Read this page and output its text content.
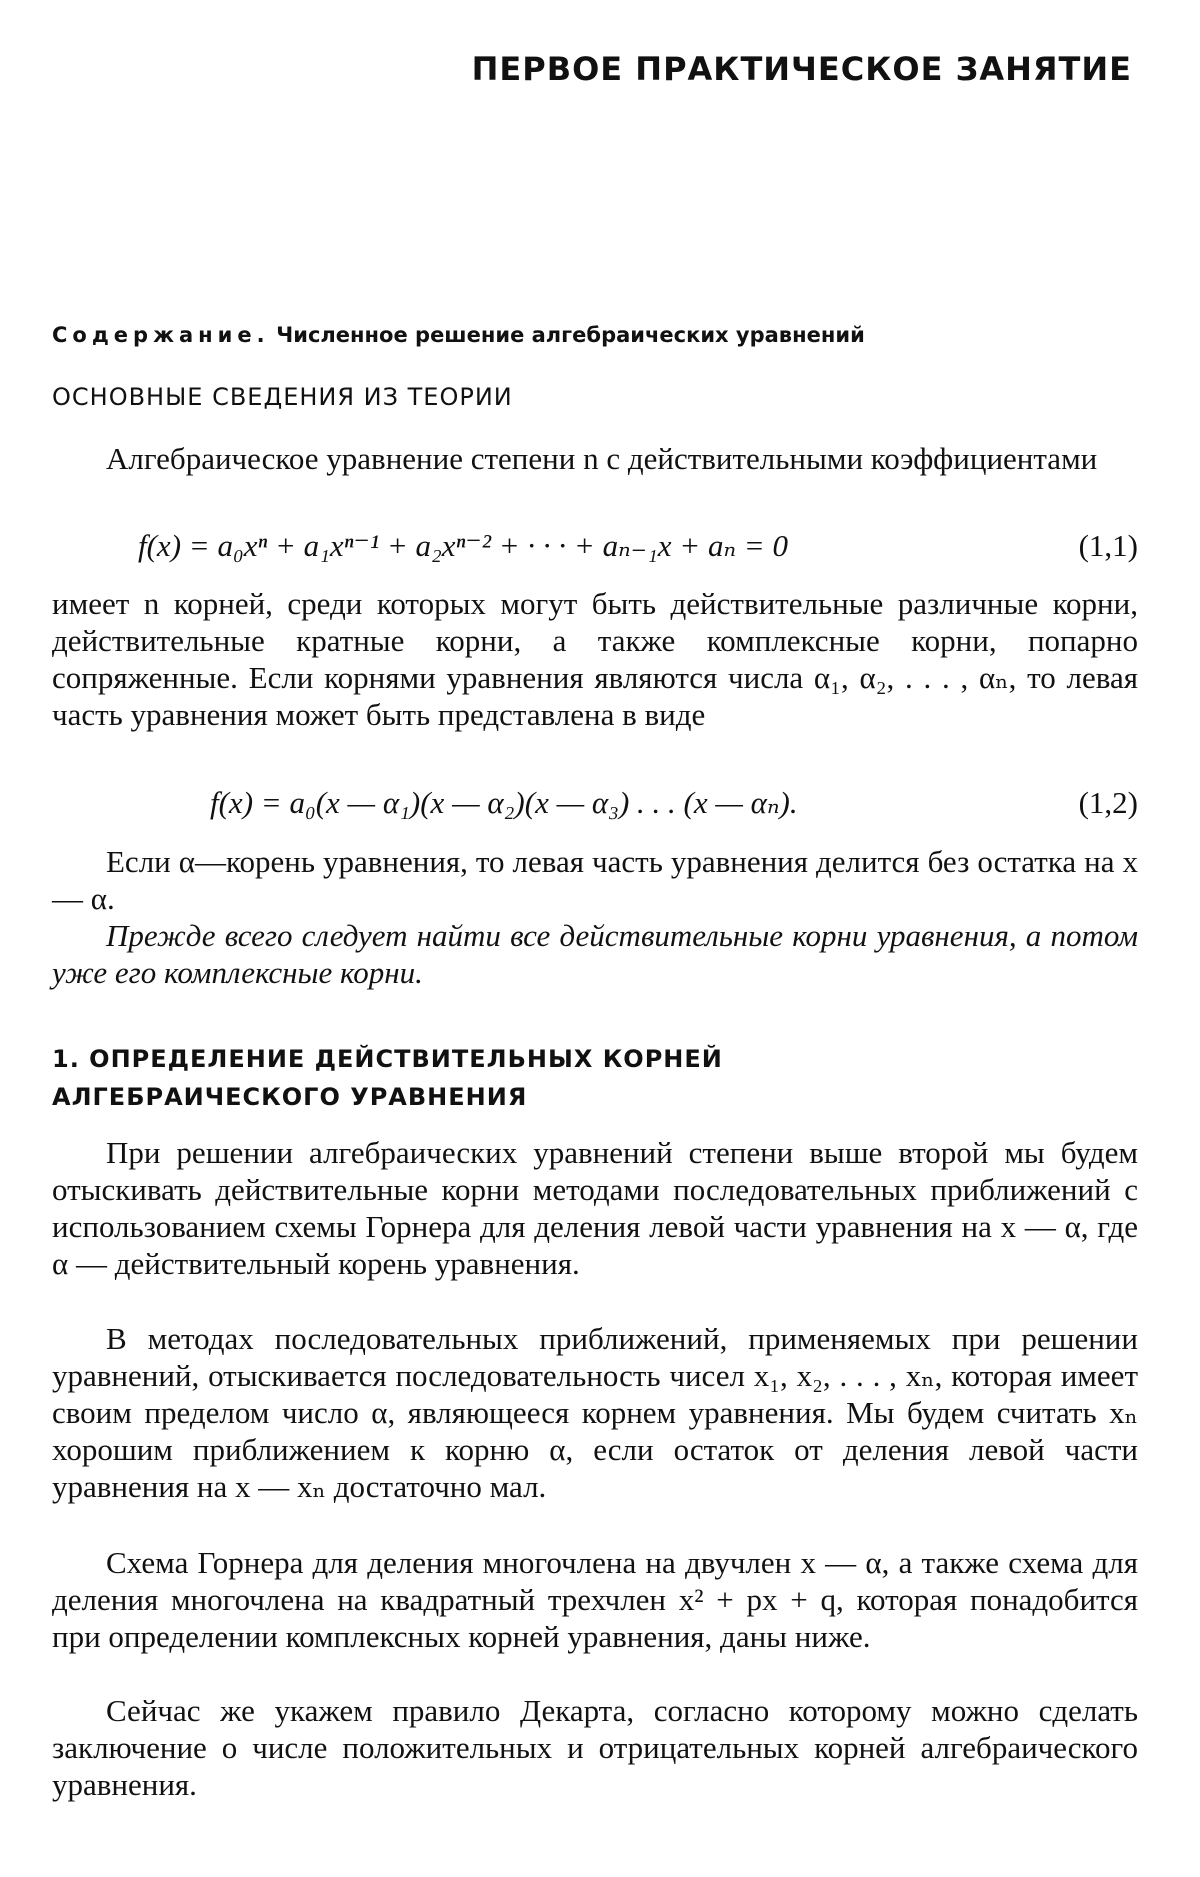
ПЕРВОЕ ПРАКТИЧЕСКОЕ ЗАНЯТИЕ
Содержание. Численное решение алгебраических уравнений
ОСНОВНЫЕ СВЕДЕНИЯ ИЗ ТЕОРИИ
Алгебраическое уравнение степени n с действительными коэффициентами
f(x) = a₀xⁿ + a₁xⁿ⁻¹ + a₂xⁿ⁻² + · · · + aₙ₋₁x + aₙ = 0	(1,1)
имеет n корней, среди которых могут быть действительные различные корни, действительные кратные корни, а также комплексные корни, попарно сопряженные. Если корнями уравнения являются числа α₁, α₂, . . . , αₙ, то левая часть уравнения может быть представлена в виде
f(x) = a₀(x — α₁)(x — α₂)(x — α₃) . . . (x — αₙ).	(1,2)
Если α—корень уравнения, то левая часть уравнения делится без остатка на x — α.
Прежде всего следует найти все действительные корни уравнения, а потом уже его комплексные корни.
1. ОПРЕДЕЛЕНИЕ ДЕЙСТВИТЕЛЬНЫХ КОРНЕЙ
АЛГЕБРАИЧЕСКОГО УРАВНЕНИЯ
При решении алгебраических уравнений степени выше второй мы будем отыскивать действительные корни методами последовательных приближений с использованием схемы Горнера для деления левой части уравнения на x — α, где α — действительный корень уравнения.
В методах последовательных приближений, применяемых при решении уравнений, отыскивается последовательность чисел x₁, x₂, . . . , xₙ, которая имеет своим пределом число α, являющееся корнем уравнения. Мы будем считать xₙ хорошим приближением к корню α, если остаток от деления левой части уравнения на x — xₙ достаточно мал.
Схема Горнера для деления многочлена на двучлен x — α, а также схема для деления многочлена на квадратный трехчлен x² + px + q, которая понадобится при определении комплексных корней уравнения, даны ниже.
Сейчас же укажем правило Декарта, согласно которому можно сделать заключение о числе положительных и отрицательных корней алгебраического уравнения.
